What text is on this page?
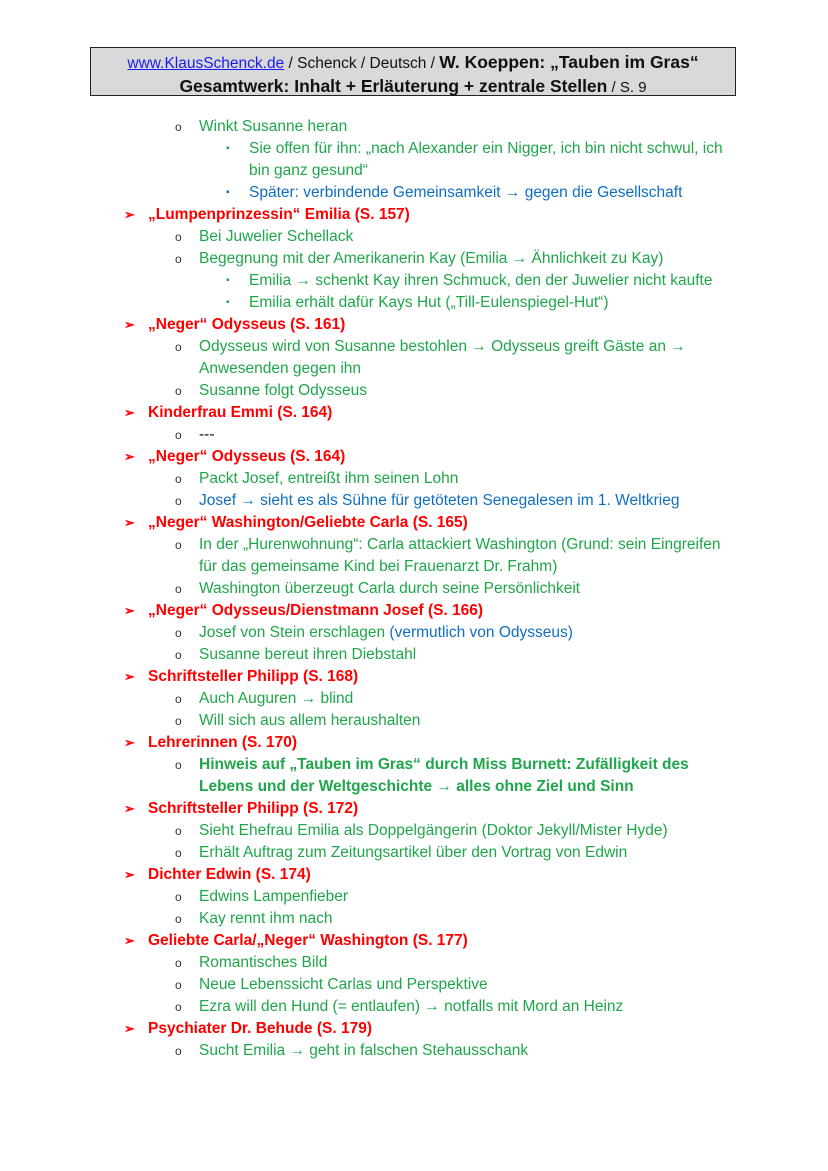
www.KlausSchenck.de / Schenck / Deutsch / W. Koeppen: „Tauben im Gras“
Gesamtwerk: Inhalt + Erläuterung + zentrale Stellen / S. 9
o Winkt Susanne heran
▪ Sie offen für ihn: „nach Alexander ein Nigger, ich bin nicht schwul, ich bin ganz gesund“
▪ Später: verbindende Gemeinsamkeit → gegen die Gesellschaft
➢ „Lumpenprinzessin“ Emilia (S. 157)
o Bei Juwelier Schellack
o Begegnung mit der Amerikanerin Kay (Emilia → Ähnlichkeit zu Kay)
▪ Emilia → schenkt Kay ihren Schmuck, den der Juwelier nicht kaufte
▪ Emilia erhält dafür Kays Hut („Till-Eulenspiegel-Hut“)
➢ „Neger“ Odysseus (S. 161)
o Odysseus wird von Susanne bestohlen → Odysseus greift Gäste an → Anwesenden gegen ihn
o Susanne folgt Odysseus
➢ Kinderfrau Emmi (S. 164)
o ---
➢ „Neger“ Odysseus (S. 164)
o Packt Josef, entreißt ihm seinen Lohn
o Josef → sieht es als Sühne für getöteten Senegalesen im 1. Weltkrieg
➢ „Neger“ Washington/Geliebte Carla (S. 165)
o In der „Hurenwohnung“: Carla attackiert Washington (Grund: sein Eingreifen für das gemeinsame Kind bei Frauenarzt Dr. Frahm)
o Washington überzeugt Carla durch seine Persönlichkeit
➢ „Neger“ Odysseus/Dienstmann Josef (S. 166)
o Josef von Stein erschlagen (vermutlich von Odysseus)
o Susanne bereut ihren Diebstahl
➢ Schriftsteller Philipp (S. 168)
o Auch Auguren → blind
o Will sich aus allem heraushalten
➢ Lehrerinnen (S. 170)
o Hinweis auf „Tauben im Gras“ durch Miss Burnett: Zufälligkeit des Lebens und der Weltgeschichte → alles ohne Ziel und Sinn
➢ Schriftsteller Philipp (S. 172)
o Sieht Ehefrau Emilia als Doppelgängerin (Doktor Jekyll/Mister Hyde)
o Erhält Auftrag zum Zeitungsartikel über den Vortrag von Edwin
➢ Dichter Edwin (S. 174)
o Edwins Lampenfieber
o Kay rennt ihm nach
➢ Geliebte Carla/„Neger“ Washington (S. 177)
o Romantisches Bild
o Neue Lebenssicht Carlas und Perspektive
o Ezra will den Hund (= entlaufen) → notfalls mit Mord an Heinz
➢ Psychiater Dr. Behude (S. 179)
o Sucht Emilia → geht in falschen Stehausschank
